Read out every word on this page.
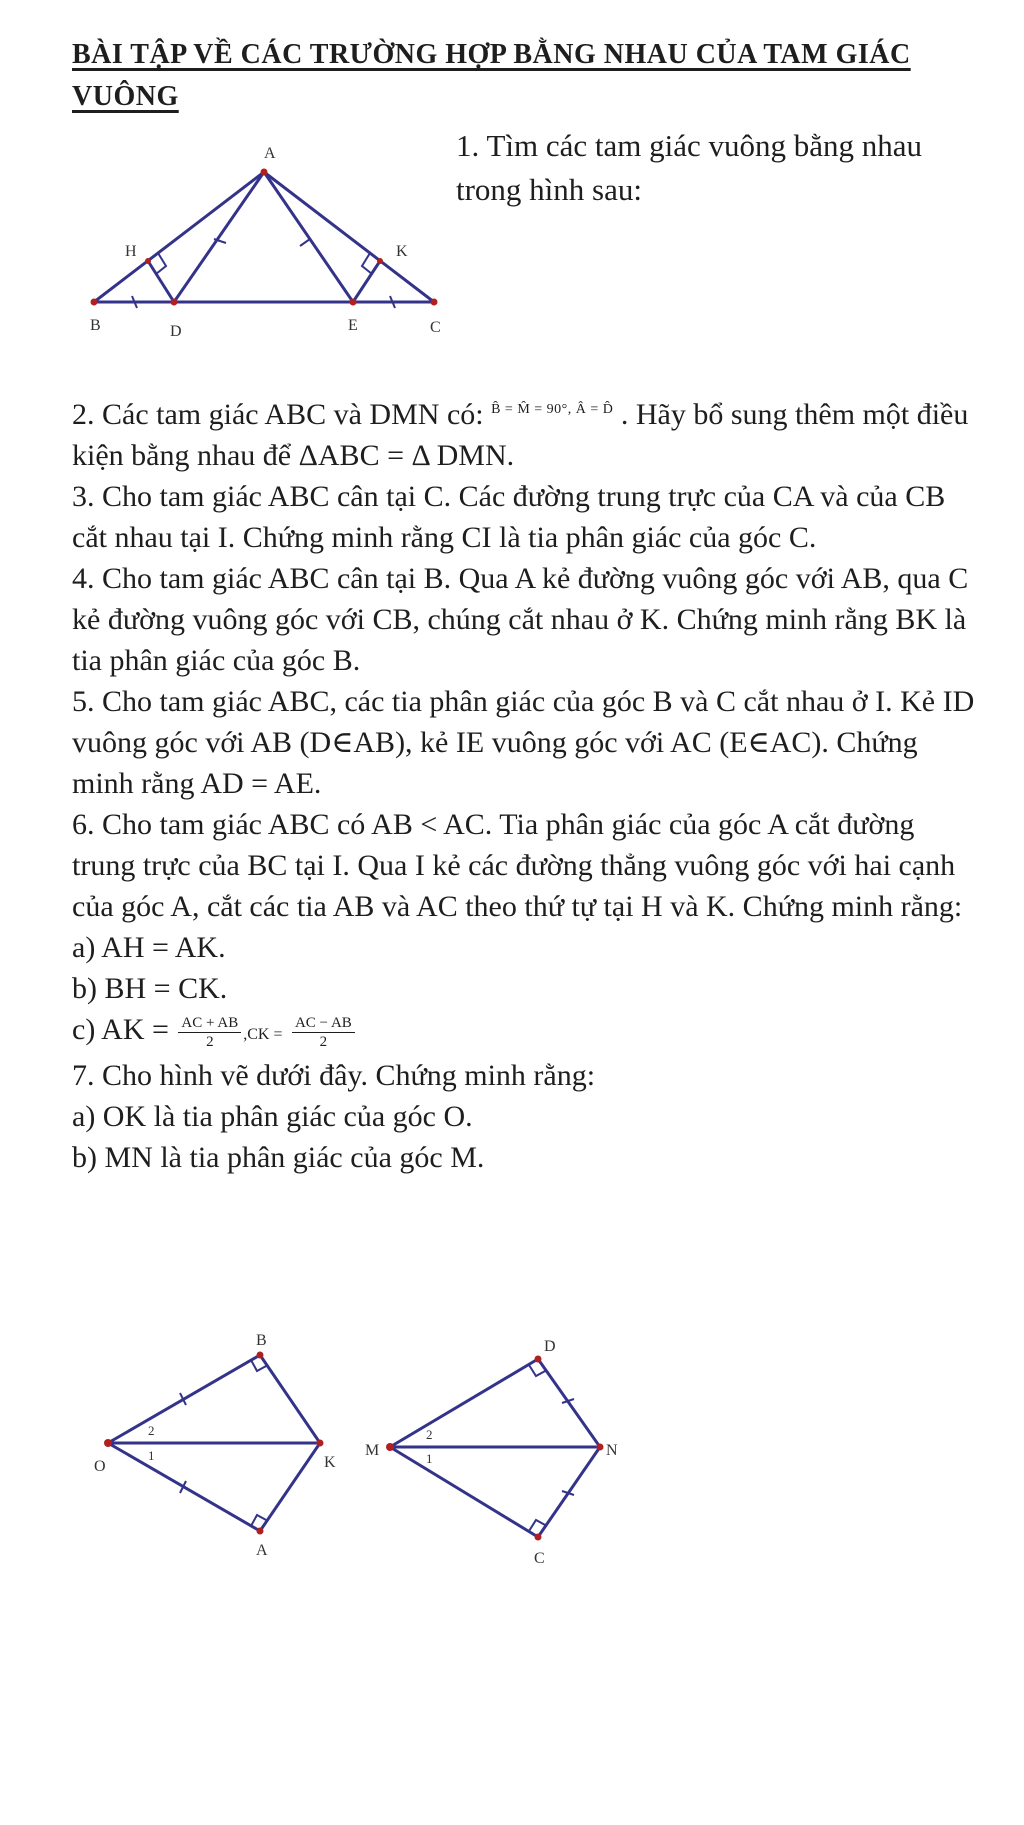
BÀI TẬP VỀ CÁC TRƯỜNG HỢP BẰNG NHAU CỦA TAM GIÁC VUÔNG
A
H	K
B	D	E	C
1. Tìm các tam giác vuông bằng nhau trong hình sau:

2. Các tam giác ABC và DMN có: $^{B̂ = M̂ = 90^\circ, Â = D̂}$ . Hãy bổ sung thêm một điều kiện bằng nhau để ΔABC = Δ DMN.

3. Cho tam giác ABC cân tại C. Các đường trung trực của CA và của CB cắt nhau tại I. Chứng minh rằng CI là tia phân giác của góc C.

4. Cho tam giác ABC cân tại B. Qua A kẻ đường vuông góc với AB, qua C kẻ đường vuông góc với CB, chúng cắt nhau ở K. Chứng minh rằng BK là tia phân giác của góc B.

5. Cho tam giác ABC, các tia phân giác của góc B và C cắt nhau ở I. Kẻ ID vuông góc với AB (D∈AB), kẻ IE vuông góc với AC (E∈AC). Chứng minh rằng AD = AE.

6. Cho tam giác ABC có AB < AC. Tia phân giác của góc A cắt đường trung trực của BC tại I. Qua I kẻ các đường thẳng vuông góc với hai cạnh của góc A, cắt các tia AB và AC theo thứ tự tại H và K. Chứng minh rằng:

a) AH = AK.

b) BH = CK.

c) AK = $\frac{AC + AB}{2} ,CK = \frac{AC - AB}{2}$

7. Cho hình vẽ dưới đây. Chứng minh rằng:

a) OK là tia phân giác của góc O.

b) MN là tia phân giác của góc M.

B
O	K
A
2
1
D
M	N
C
2
1
